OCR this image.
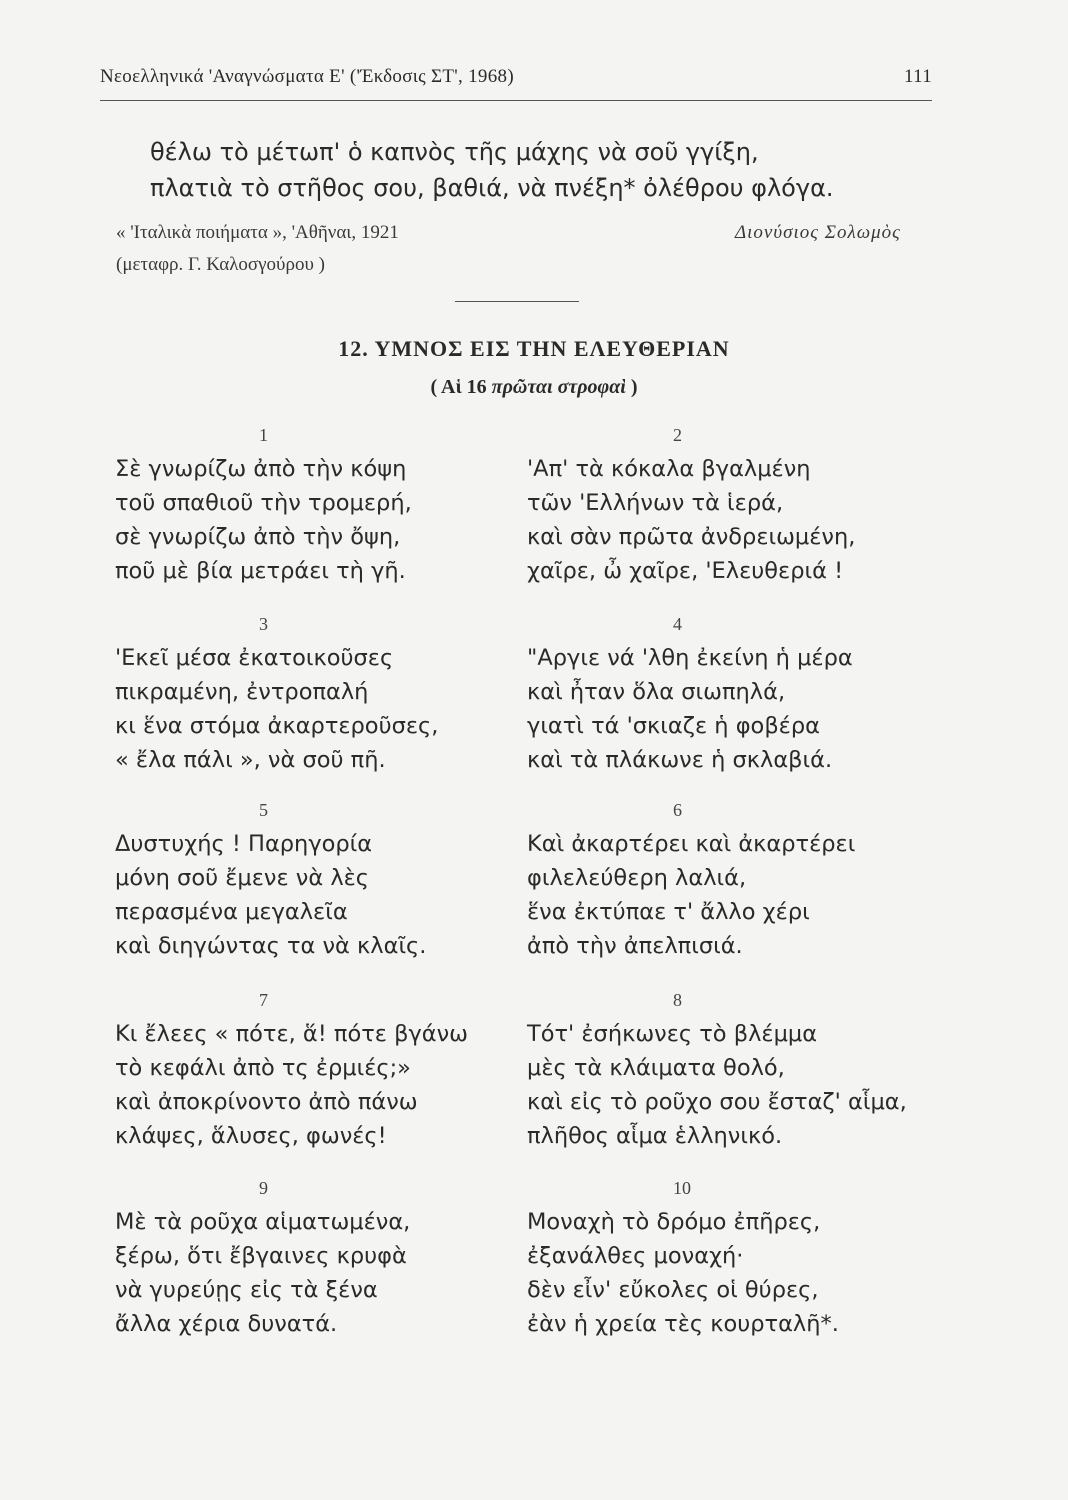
Νεοελληνικά 'Αναγνώσματα Ε' ('Έκδοσις ΣΤ', 1968)	111
θέλω τὸ μέτωπ' ὁ καπνὸς τῆς μάχης νὰ σοῦ γγίξη,
πλατιὰ τὸ στῆθος σου, βαθιά, νὰ πνέξη* ὀλέθρου φλόγα.
« 'Ιταλικὰ ποιήματα », 'Αθῆναι, 1921
(μεταφρ. Γ. Καλοσγούρου )
Διονύσιος Σολωμὸς
12. ΥΜΝΟΣ ΕΙΣ ΤΗΝ ΕΛΕΥΘΕΡΙΑΝ
( Αἱ 16 πρῶται στροφαὶ )
1
Σὲ γνωρίζω ἀπὸ τὴν κόψη
τοῦ σπαθιοῦ τὴν τρομερή,
σὲ γνωρίζω ἀπὸ τὴν ὄψη,
ποῦ μὲ βία μετράει τὴ γῆ.
2
'Απ' τὰ κόκαλα βγαλμένη
τῶν 'Ελλήνων τὰ ἱερά,
καὶ σὰν πρῶτα ἀνδρειωμένη,
χαῖρε, ὦ χαῖρε, 'Ελευθεριά !
3
'Εκεῖ μέσα ἐκατοικοῦσες
πικραμένη, ἐντροπαλή
κι ἕνα στόμα ἀκαρτεροῦσες,
« ἔλα πάλι », νὰ σοῦ πῆ.
4
"Αργιε νά 'λθη ἐκείνη ἡ μέρα
καὶ ἦταν ὅλα σιωπηλά,
γιατὶ τά 'σκιαζε ἡ φοβέρα
καὶ τὰ πλάκωνε ἡ σκλαβιά.
5
Δυστυχής ! Παρηγορία
μόνη σοῦ ἔμενε νὰ λὲς
περασμένα μεγαλεῖα
καὶ διηγώντας τα νὰ κλαῖς.
6
Καὶ ἀκαρτέρει καὶ ἀκαρτέρει
φιλελεύθερη λαλιά,
ἕνα ἐκτύπαε τ' ἄλλο χέρι
ἀπὸ τὴν ἀπελπισιά.
7
Κι ἔλεες « πότε, ἅ! πότε βγάνω
τὸ κεφάλι ἀπὸ τς ἐρμιές;»
καὶ ἀποκρίνοντο ἀπὸ πάνω
κλάψες, ἅλυσες, φωνές!
8
Τότ' ἐσήκωνες τὸ βλέμμα
μὲς τὰ κλάιματα θολό,
καὶ εἰς τὸ ροῦχο σου ἔσταζ' αἷμα,
πλῆθος αἷμα ἑλληνικό.
9
Μὲ τὰ ροῦχα αἱματωμένα,
ξέρω, ὅτι ἔβγαινες κρυφὰ
νὰ γυρεύῃς εἰς τὰ ξένα
ἄλλα χέρια δυνατά.
10
Μοναχὴ τὸ δρόμο ἐπῆρες,
ἐξανάλθες μοναχή·
δὲν εἶν' εὔκολες οἱ θύρες,
ἐὰν ἡ χρεία τὲς κουρταλῆ*.
